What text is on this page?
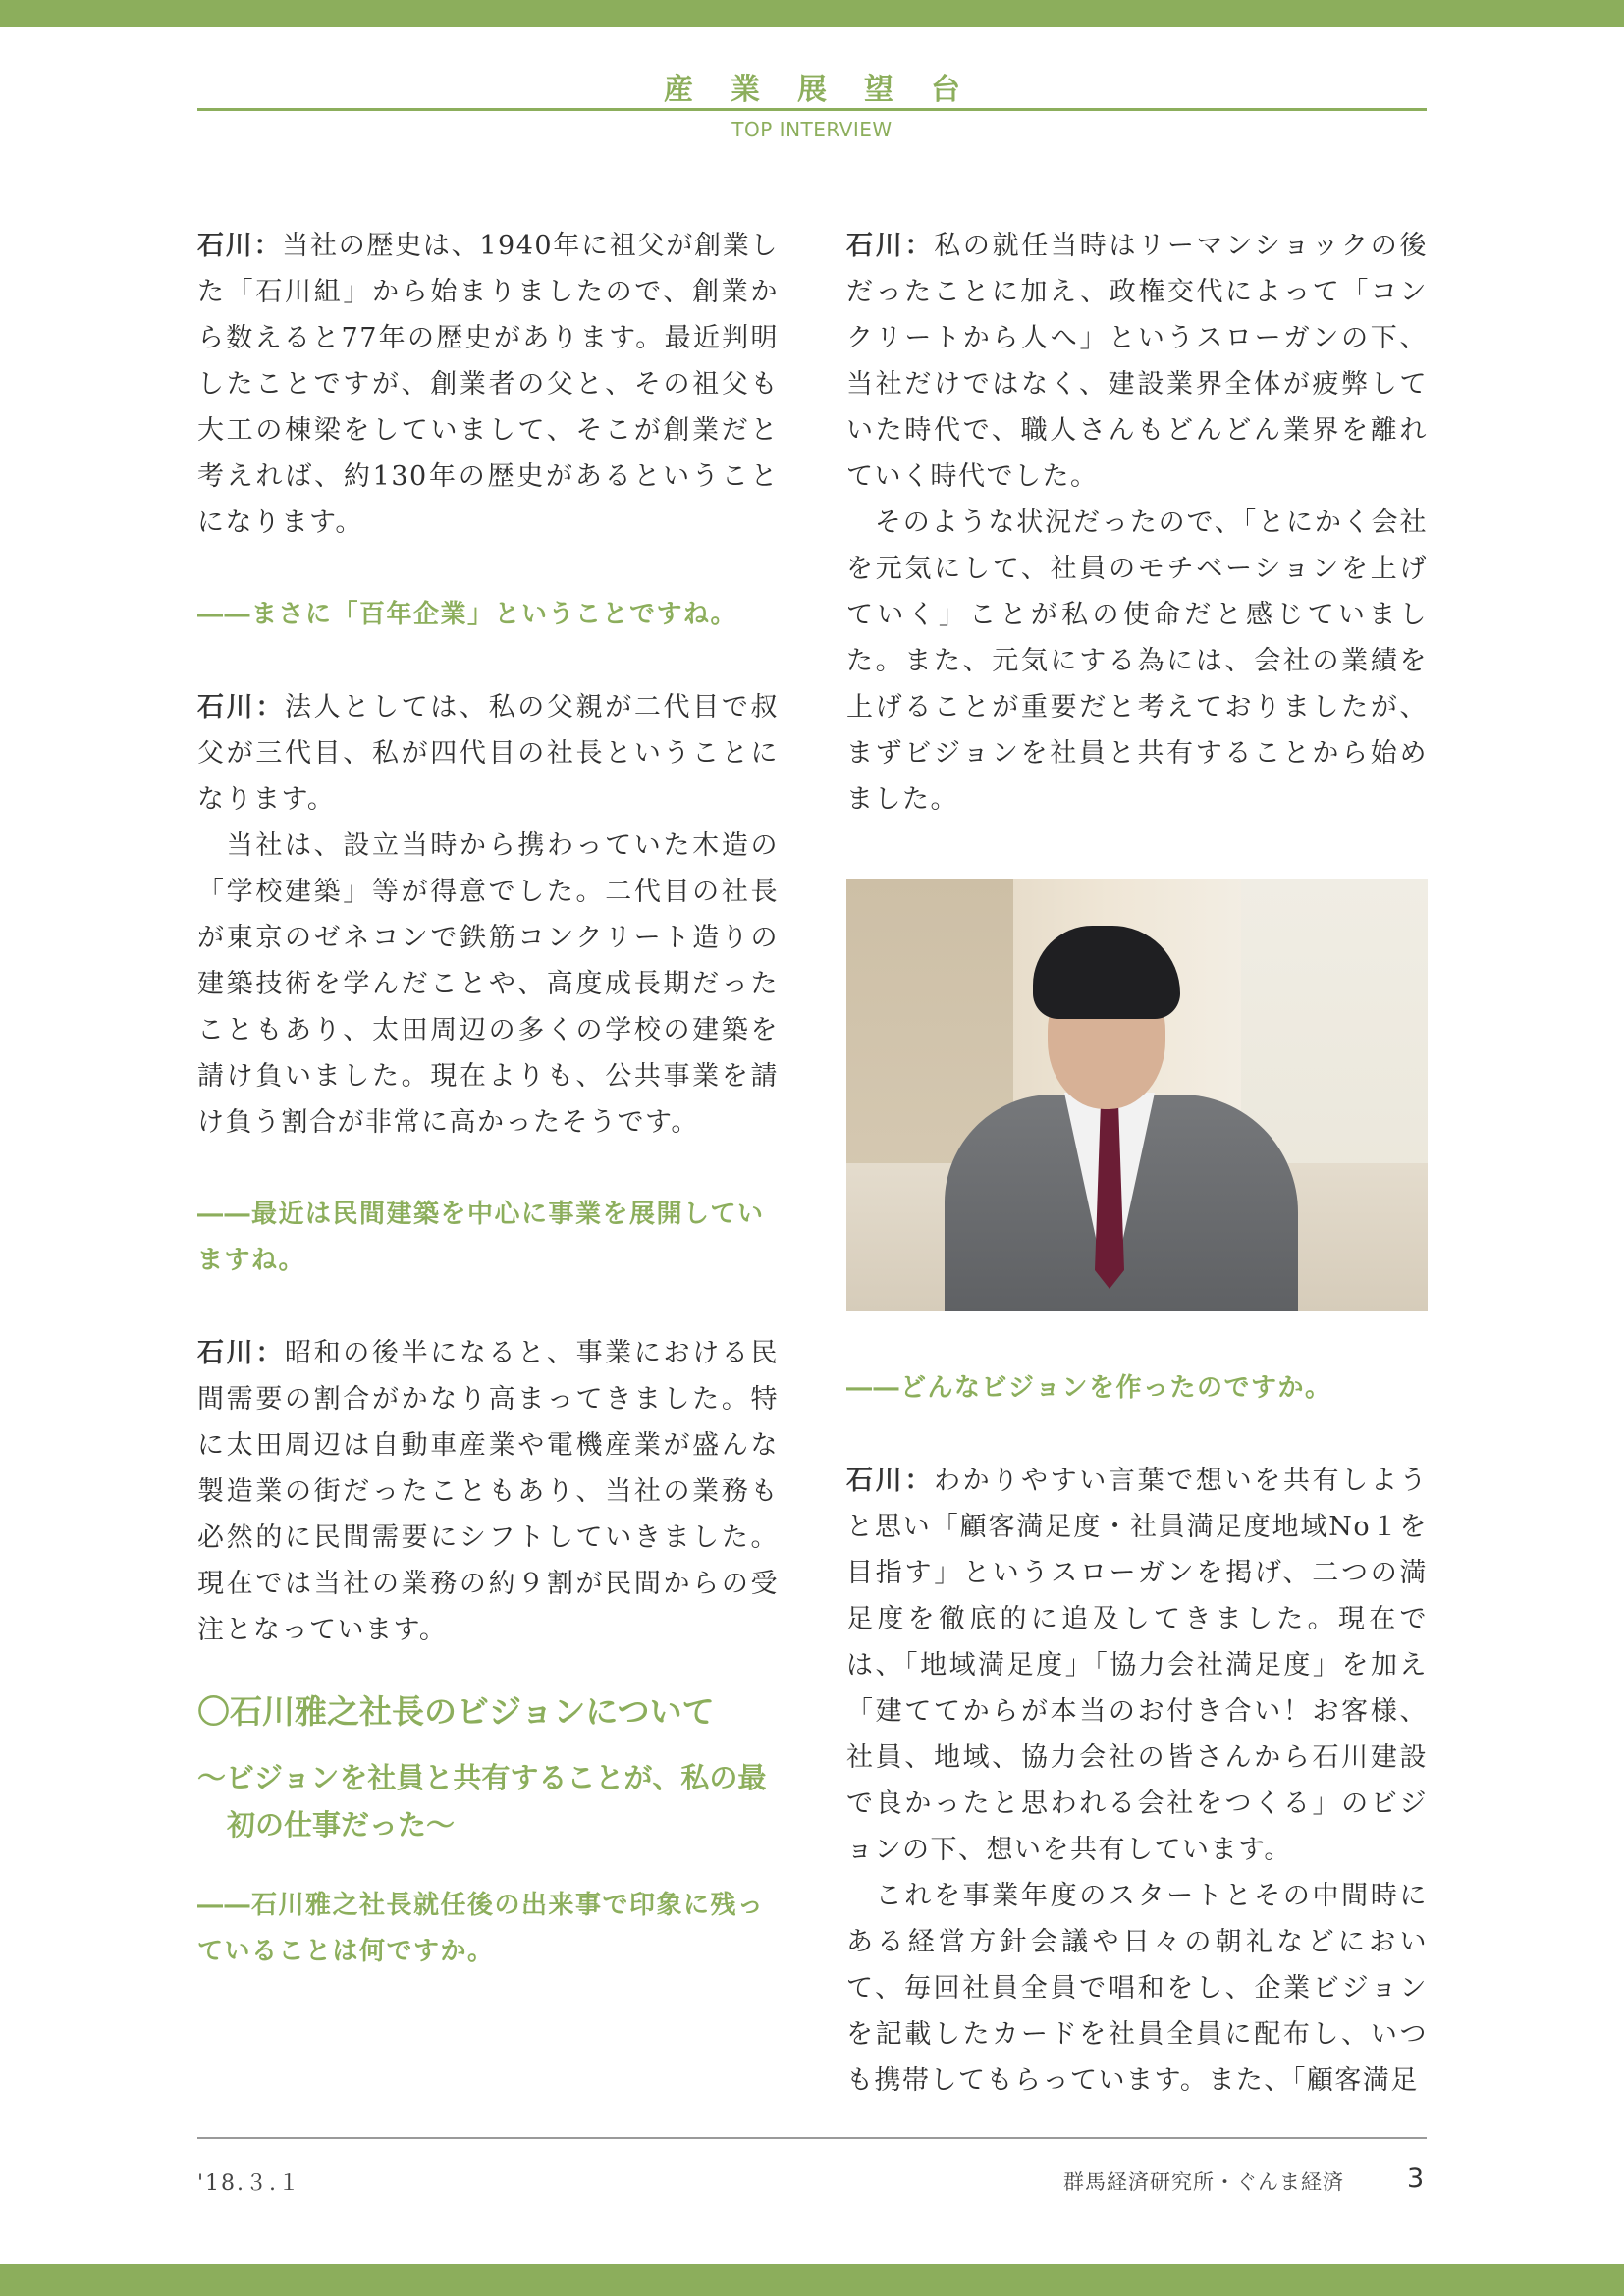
産業展望台
TOP INTERVIEW

石川：当社の歴史は、1940年に祖父が創業した「石川組」から始まりましたので、創業から数えると77年の歴史があります。最近判明したことですが、創業者の父と、その祖父も大工の棟梁をしていまして、そこが創業だと考えれば、約130年の歴史があるということになります。

――まさに「百年企業」ということですね。

石川：法人としては、私の父親が二代目で叔父が三代目、私が四代目の社長ということになります。
　当社は、設立当時から携わっていた木造の「学校建築」等が得意でした。二代目の社長が東京のゼネコンで鉄筋コンクリート造りの建築技術を学んだことや、高度成長期だったこともあり、太田周辺の多くの学校の建築を請け負いました。現在よりも、公共事業を請け負う割合が非常に高かったそうです。

――最近は民間建築を中心に事業を展開していますね。

石川：昭和の後半になると、事業における民間需要の割合がかなり高まってきました。特に太田周辺は自動車産業や電機産業が盛んな製造業の街だったこともあり、当社の業務も必然的に民間需要にシフトしていきました。現在では当社の業務の約９割が民間からの受注となっています。

〇石川雅之社長のビジョンについて

～ビジョンを社員と共有することが、私の最初の仕事だった～

――石川雅之社長就任後の出来事で印象に残っていることは何ですか。

石川：私の就任当時はリーマンショックの後だったことに加え、政権交代によって「コンクリートから人へ」というスローガンの下、当社だけではなく、建設業界全体が疲弊していた時代で、職人さんもどんどん業界を離れていく時代でした。
　そのような状況だったので、「とにかく会社を元気にして、社員のモチベーションを上げていく」ことが私の使命だと感じていました。また、元気にする為には、会社の業績を上げることが重要だと考えておりましたが、まずビジョンを社員と共有することから始めました。

――どんなビジョンを作ったのですか。

石川：わかりやすい言葉で想いを共有しようと思い「顧客満足度・社員満足度地域No１を目指す」というスローガンを掲げ、二つの満足度を徹底的に追及してきました。現在では、「地域満足度」「協力会社満足度」を加え「建ててからが本当のお付き合い！お客様、社員、地域、協力会社の皆さんから石川建設で良かったと思われる会社をつくる」のビジョンの下、想いを共有しています。
　これを事業年度のスタートとその中間時にある経営方針会議や日々の朝礼などにおいて、毎回社員全員で唱和をし、企業ビジョンを記載したカードを社員全員に配布し、いつも携帯してもらっています。また、「顧客満足

'18.３.１	群馬経済研究所・ぐんま経済 3
